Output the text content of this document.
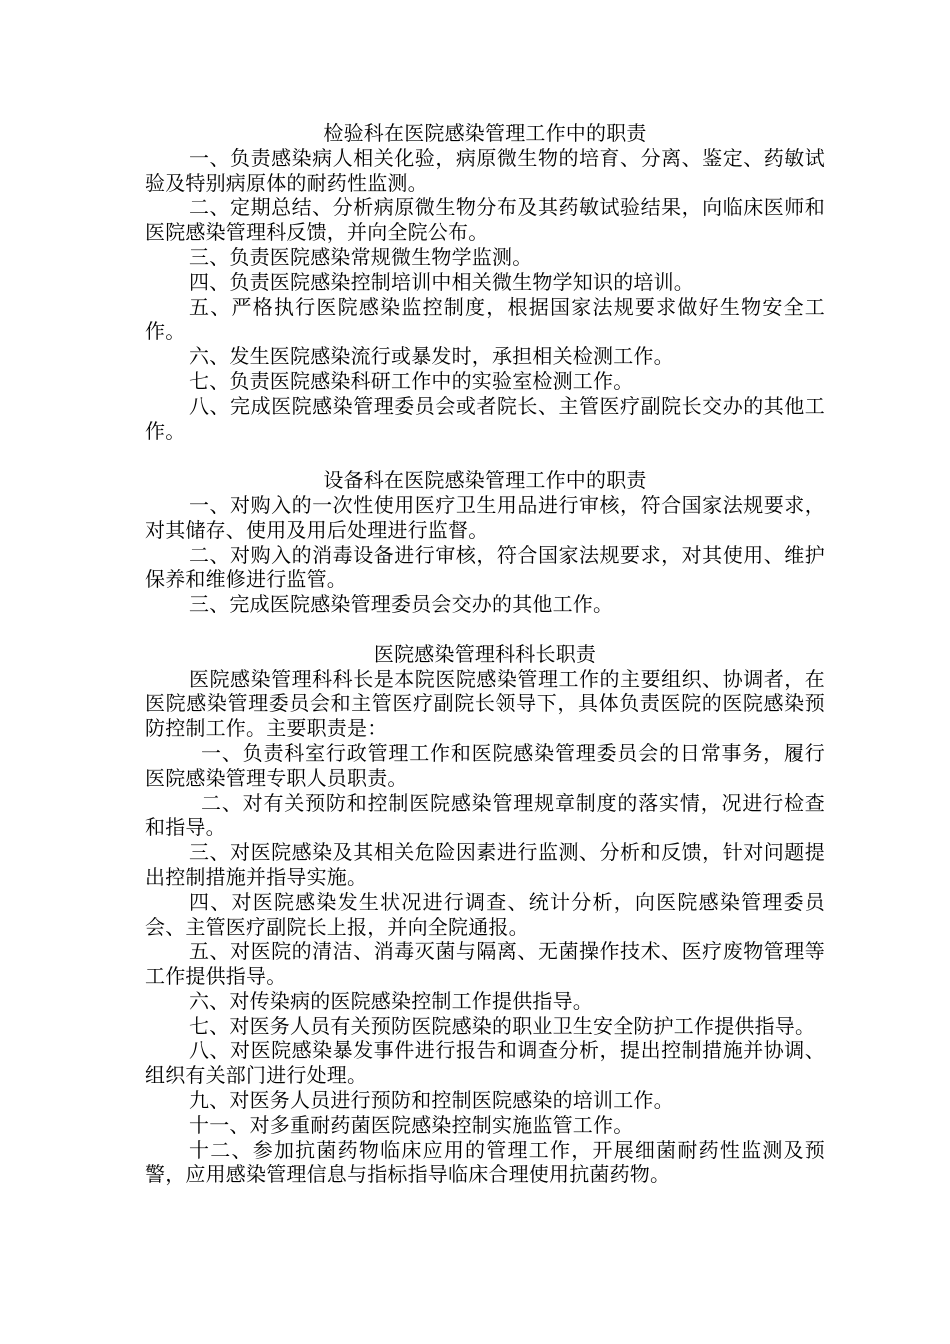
检验科在医院感染管理工作中的职责

一、负责感染病人相关化验，病原微生物的培育、分离、鉴定、药敏试验及特别病原体的耐药性监测。

二、定期总结、分析病原微生物分布及其药敏试验结果，向临床医师和医院感染管理科反馈，并向全院公布。

三、负责医院感染常规微生物学监测。

四、负责医院感染控制培训中相关微生物学知识的培训。

五、严格执行医院感染监控制度，根据国家法规要求做好生物安全工作。

六、发生医院感染流行或暴发时，承担相关检测工作。

七、负责医院感染科研工作中的实验室检测工作。

八、完成医院感染管理委员会或者院长、主管医疗副院长交办的其他工作。

设备科在医院感染管理工作中的职责

一、对购入的一次性使用医疗卫生用品进行审核，符合国家法规要求，对其储存、使用及用后处理进行监督。

二、对购入的消毒设备进行审核，符合国家法规要求，对其使用、维护保养和维修进行监管。

三、完成医院感染管理委员会交办的其他工作。

医院感染管理科科长职责

医院感染管理科科长是本院医院感染管理工作的主要组织、协调者，在医院感染管理委员会和主管医疗副院长领导下，具体负责医院的医院感染预防控制工作。主要职责是：

一、负责科室行政管理工作和医院感染管理委员会的日常事务，履行医院感染管理专职人员职责。

二、对有关预防和控制医院感染管理规章制度的落实情，况进行检查和指导。

三、对医院感染及其相关危险因素进行监测、分析和反馈，针对问题提出控制措施并指导实施。

四、对医院感染发生状况进行调查、统计分析，向医院感染管理委员会、主管医疗副院长上报，并向全院通报。

五、对医院的清洁、消毒灭菌与隔离、无菌操作技术、医疗废物管理等工作提供指导。

六、对传染病的医院感染控制工作提供指导。

七、对医务人员有关预防医院感染的职业卫生安全防护工作提供指导。

八、对医院感染暴发事件进行报告和调查分析，提出控制措施并协调、组织有关部门进行处理。

九、对医务人员进行预防和控制医院感染的培训工作。

十一、对多重耐药菌医院感染控制实施监管工作。

十二、参加抗菌药物临床应用的管理工作，开展细菌耐药性监测及预警，应用感染管理信息与指标指导临床合理使用抗菌药物。
